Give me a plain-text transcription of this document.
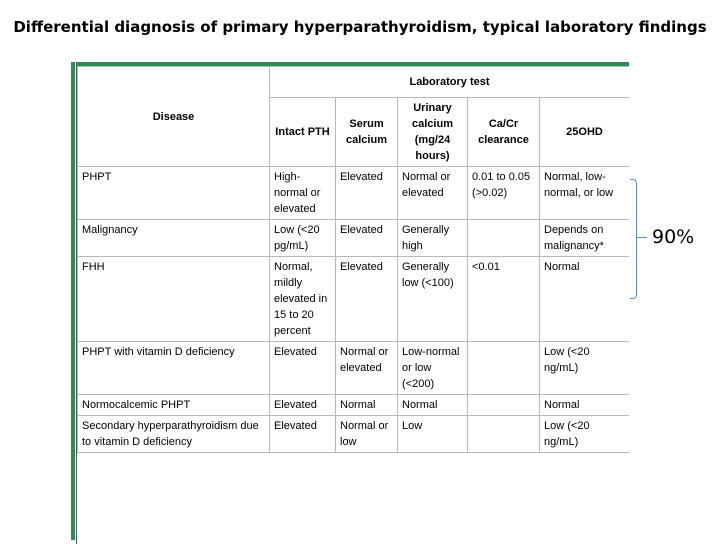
Differential diagnosis of primary hyperparathyroidism, typical laboratory findings
Disease	Laboratory test				
	Intact PTH	Serum calcium	Urinary calcium (mg/24 hours)	Ca/Cr clearance	25OHD
PHPT	High-normal or elevated	Elevated	Normal or elevated	0.01 to 0.05 (>0.02)	Normal, low-normal, or low
Malignancy	Low (<20 pg/mL)	Elevated	Generally high		Depends on malignancy*
FHH	Normal, mildly elevated in 15 to 20 percent	Elevated	Generally low (<100)	<0.01	Normal
PHPT with vitamin D deficiency	Elevated	Normal or elevated	Low-normal or low (<200)		Low (<20 ng/mL)
Normocalcemic PHPT	Elevated	Normal	Normal		Normal
Secondary hyperparathyroidism due to vitamin D deficiency	Elevated	Normal or low	Low		Low (<20 ng/mL)
90%
